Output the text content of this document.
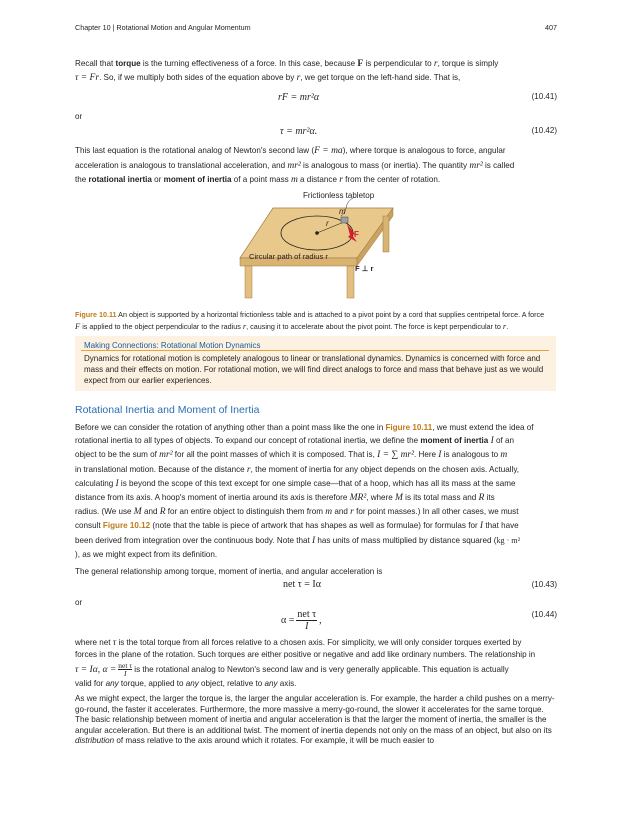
Chapter 10 | Rotational Motion and Angular Momentum	407
Recall that torque is the turning effectiveness of a force. In this case, because F is perpendicular to r, torque is simply
τ = Fr. So, if we multiply both sides of the equation above by r, we get torque on the left-hand side. That is,
rF = mr²α	(10.41)
or
τ = mr²α.	(10.42)
This last equation is the rotational analog of Newton's second law (F = ma), where torque is analogous to force, angular
acceleration is analogous to translational acceleration, and mr² is analogous to mass (or inertia). The quantity mr² is called
the rotational inertia or moment of inertia of a point mass m a distance r from the center of rotation.
m
r
F
Frictionless tabletop
Circular path of radius r
F ⊥ r
Figure 10.11 An object is supported by a horizontal frictionless table and is attached to a pivot point by a cord that supplies centripetal force. A force
F is applied to the object perpendicular to the radius r, causing it to accelerate about the pivot point. The force is kept perpendicular to r.
Making Connections: Rotational Motion Dynamics
Dynamics for rotational motion is completely analogous to linear or translational dynamics. Dynamics is concerned with force and mass and their effects on motion. For rotational motion, we will find direct analogs to force and mass that behave just as we would expect from our earlier experiences.
Rotational Inertia and Moment of Inertia
Before we can consider the rotation of anything other than a point mass like the one in Figure 10.11, we must extend the idea of
rotational inertia to all types of objects. To expand our concept of rotational inertia, we define the moment of inertia I of an
object to be the sum of mr² for all the point masses of which it is composed. That is, I = ∑ mr². Here I is analogous to m
in translational motion. Because of the distance r, the moment of inertia for any object depends on the chosen axis. Actually,
calculating I is beyond the scope of this text except for one simple case—that of a hoop, which has all its mass at the same
distance from its axis. A hoop's moment of inertia around its axis is therefore MR², where M is its total mass and R its
radius. (We use M and R for an entire object to distinguish them from m and r for point masses.) In all other cases, we must
consult Figure 10.12 (note that the table is piece of artwork that has shapes as well as formulae) for formulas for I that have
been derived from integration over the continuous body. Note that I has units of mass multiplied by distance squared (kg · m²
), as we might expect from its definition.
The general relationship among torque, moment of inertia, and angular acceleration is
net τ = Iα	(10.43)
or
α =
net τ
I
,
(10.44)
where net τ is the total torque from all forces relative to a chosen axis. For simplicity, we will only consider torques exerted by
forces in the plane of the rotation. Such torques are either positive or negative and add like ordinary numbers. The relationship in
τ = Iα, α = net τ
I
is the rotational analog to Newton's second law and is very generally applicable. This equation is actually
valid for any torque, applied to any object, relative to any axis.
As we might expect, the larger the torque is, the larger the angular acceleration is. For example, the harder a child pushes on a merry-go-round, the faster it accelerates. Furthermore, the more massive a merry-go-round, the slower it accelerates for the same torque. The basic relationship between moment of inertia and angular acceleration is that the larger the moment of inertia, the smaller is the angular acceleration. But there is an additional twist. The moment of inertia depends not only on the mass of an object, but also on its distribution of mass relative to the axis around which it rotates. For example, it will be much easier to
